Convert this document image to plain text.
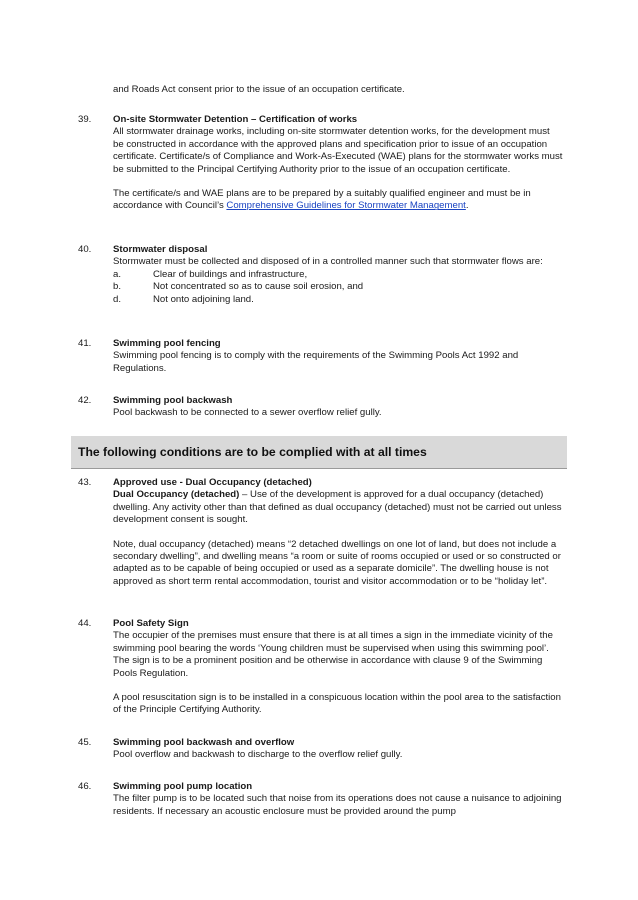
and Roads Act consent prior to the issue of an occupation certificate.

39.	On-site Stormwater Detention – Certification of works

All stormwater drainage works, including on-site stormwater detention works, for the development must be constructed in accordance with the approved plans and specification prior to issue of an occupation certificate. Certificate/s of Compliance and Work-As-Executed (WAE) plans for the stormwater works must be submitted to the Principal Certifying Authority prior to the issue of an occupation certificate.

The certificate/s and WAE plans are to be prepared by a suitably qualified engineer and must be in accordance with Council’s Comprehensive Guidelines for Stormwater Management.

40.	Stormwater disposal

Stormwater must be collected and disposed of in a controlled manner such that stormwater flows are:

a.	Clear of buildings and infrastructure,
b.	Not concentrated so as to cause soil erosion, and
d.	Not onto adjoining land.
41.	Swimming pool fencing

Swimming pool fencing is to comply with the requirements of the Swimming Pools Act 1992 and Regulations.

42.	Swimming pool backwash

Pool backwash to be connected to a sewer overflow relief gully.

The following conditions are to be complied with at all times
43.	Approved use - Dual Occupancy (detached)

Dual Occupancy (detached) – Use of the development is approved for a dual occupancy (detached) dwelling. Any activity other than that defined as dual occupancy (detached) must not be carried out unless development consent is sought.

Note, dual occupancy (detached) means “2 detached dwellings on one lot of land, but does not include a secondary dwelling”, and dwelling means “a room or suite of rooms occupied or used or so constructed or adapted as to be capable of being occupied or used as a separate domicile”. The dwelling house is not approved as short term rental accommodation, tourist and visitor accommodation or to be “holiday let”.

44.	Pool Safety Sign

The occupier of the premises must ensure that there is at all times a sign in the immediate vicinity of the swimming pool bearing the words ‘Young children must be supervised when using this swimming pool’. The sign is to be a prominent position and be otherwise in accordance with clause 9 of the Swimming Pools Regulation.

A pool resuscitation sign is to be installed in a conspicuous location within the pool area to the satisfaction of the Principle Certifying Authority.

45.	Swimming pool backwash and overflow

Pool overflow and backwash to discharge to the overflow relief gully.

46.	Swimming pool pump location

The filter pump is to be located such that noise from its operations does not cause a nuisance to adjoining residents. If necessary an acoustic enclosure must be provided around the pump
